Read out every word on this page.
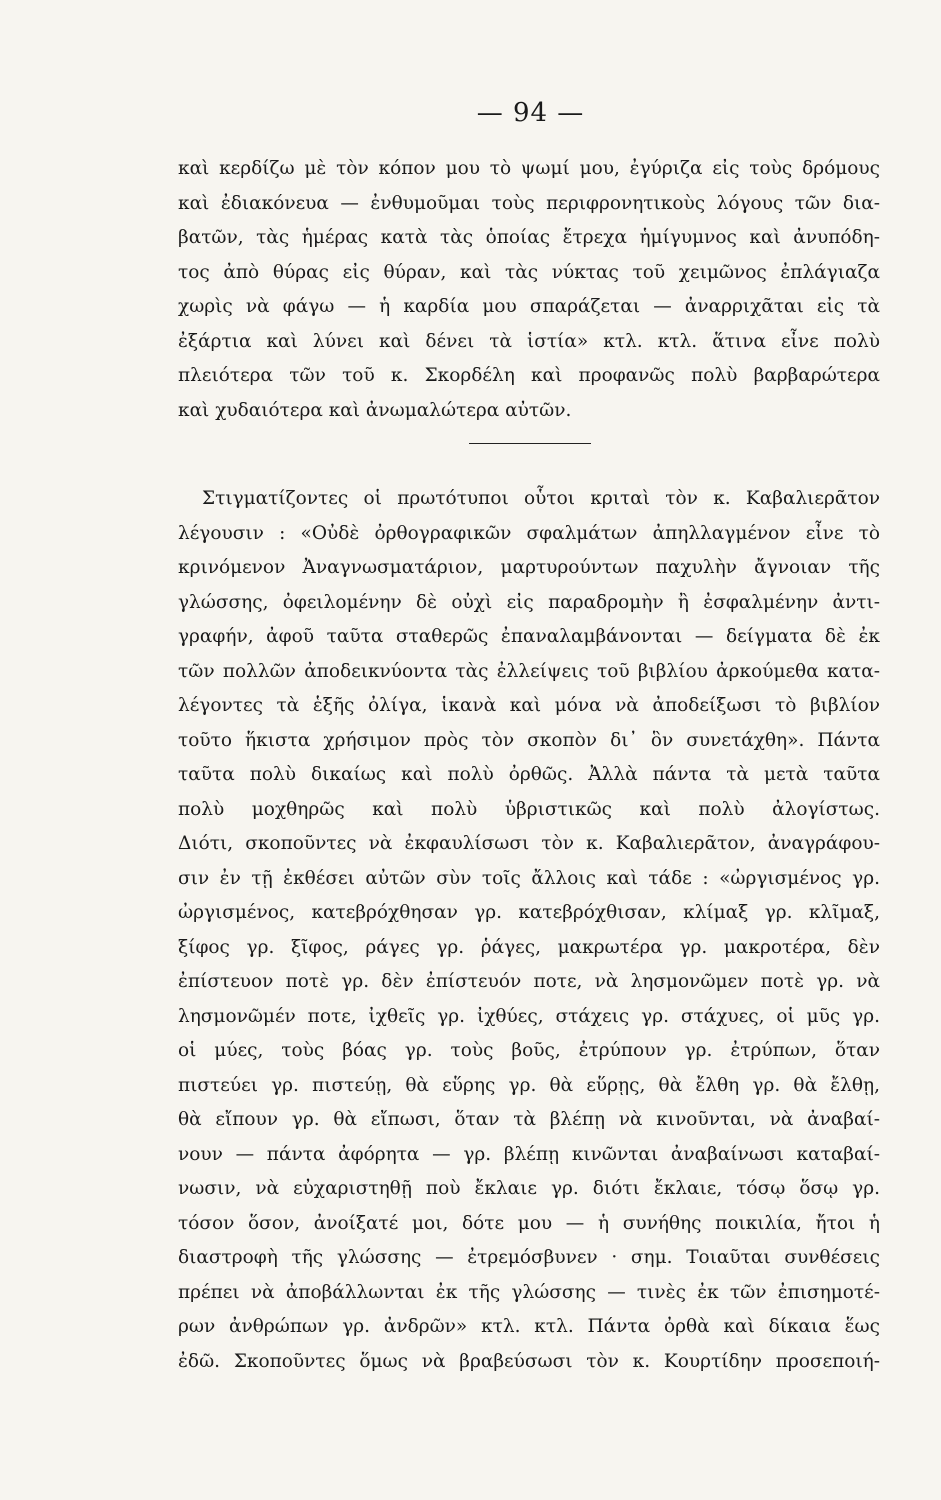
— 94 —
καὶ κερδίζω μὲ τὸν κόπον μου τὸ ψωμί μου, ἐγύριζα εἰς τοὺς δρόμους
καὶ ἐδιακόνευα — ἐνθυμοῦμαι τοὺς περιφρονητικοὺς λόγους τῶν δια-
βατῶν, τὰς ἡμέρας κατὰ τὰς ὁποίας ἔτρεχα ἡμίγυμνος καὶ ἀνυπόδη-
τος ἀπὸ θύρας εἰς θύραν, καὶ τὰς νύκτας τοῦ χειμῶνος ἐπλάγιαζα
χωρὶς νὰ φάγω — ἡ καρδία μου σπαράζεται — ἀναρριχᾶται εἰς τὰ
ἐξάρτια καὶ λύνει καὶ δένει τὰ ἱστία» κτλ. κτλ. ἅτινα εἶνε πολὺ
πλειότερα τῶν τοῦ κ. Σκορδέλη καὶ προφανῶς πολὺ βαρβαρώτερα
καὶ χυδαιότερα καὶ ἀνωμαλώτερα αὐτῶν.
Στιγματίζοντες οἱ πρωτότυποι οὗτοι κριταὶ τὸν κ. Καβαλιερᾶτον
λέγουσιν : «Οὐδὲ ὀρθογραφικῶν σφαλμάτων ἀπηλλαγμένον εἶνε τὸ
κρινόμενον Ἀναγνωσματάριον, μαρτυρούντων παχυλὴν ἄγνοιαν τῆς
γλώσσης, ὀφειλομένην δὲ οὐχὶ εἰς παραδρομὴν ἢ ἐσφαλμένην ἀντι-
γραφήν, ἀφοῦ ταῦτα σταθερῶς ἐπαναλαμβάνονται — δείγματα δὲ ἐκ
τῶν πολλῶν ἀποδεικνύοντα τὰς ἐλλείψεις τοῦ βιβλίου ἀρκούμεθα κατα-
λέγοντες τὰ ἑξῆς ὀλίγα, ἱκανὰ καὶ μόνα νὰ ἀποδείξωσι τὸ βιβλίον
τοῦτο ἥκιστα χρήσιμον πρὸς τὸν σκοπὸν δι᾽ ὃν συνετάχθη». Πάντα
ταῦτα πολὺ δικαίως καὶ πολὺ ὀρθῶς. Ἀλλὰ πάντα τὰ μετὰ ταῦτα
πολὺ μοχθηρῶς καὶ πολὺ ὑβριστικῶς καὶ πολὺ ἀλογίστως.
Διότι, σκοποῦντες νὰ ἐκφαυλίσωσι τὸν κ. Καβαλιερᾶτον, ἀναγράφου-
σιν ἐν τῇ ἐκθέσει αὐτῶν σὺν τοῖς ἄλλοις καὶ τάδε : «ὠργισμένος γρ.
ὠργισμένος, κατεβρόχθησαν γρ. κατεβρόχθισαν, κλίμαξ γρ. κλῖμαξ,
ξίφος γρ. ξῖφος, ράγες γρ. ῥάγες, μακρωτέρα γρ. μακροτέρα, δὲν
ἐπίστευον ποτὲ γρ. δὲν ἐπίστευόν ποτε, νὰ λησμονῶμεν ποτὲ γρ. νὰ
λησμονῶμέν ποτε, ἰχθεῖς γρ. ἰχθύες, στάχεις γρ. στάχυες, οἱ μῦς γρ.
οἱ μύες, τοὺς βόας γρ. τοὺς βοῦς, ἐτρύπουν γρ. ἐτρύπων, ὅταν
πιστεύει γρ. πιστεύῃ, θὰ εὕρης γρ. θὰ εὕρῃς, θὰ ἔλθη γρ. θὰ ἔλθῃ,
θὰ εἴπουν γρ. θὰ εἴπωσι, ὅταν τὰ βλέπῃ νὰ κινοῦνται, νὰ ἀναβαί-
νουν — πάντα ἀφόρητα — γρ. βλέπῃ κινῶνται ἀναβαίνωσι καταβαί-
νωσιν, νὰ εὐχαριστηθῇ ποὺ ἔκλαιε γρ. διότι ἔκλαιε, τόσῳ ὅσῳ γρ.
τόσον ὅσον, ἀνοίξατέ μοι, δότε μου — ἡ συνήθης ποικιλία, ἤτοι ἡ
διαστροφὴ τῆς γλώσσης — ἐτρεμόσβυνεν · σημ. Τοιαῦται συνθέσεις
πρέπει νὰ ἀποβάλλωνται ἐκ τῆς γλώσσης — τινὲς ἐκ τῶν ἐπισημοτέ-
ρων ἀνθρώπων γρ. ἀνδρῶν» κτλ. κτλ. Πάντα ὀρθὰ καὶ δίκαια ἕως
ἐδῶ. Σκοποῦντες ὅμως νὰ βραβεύσωσι τὸν κ. Κουρτίδην προσεποιή-
